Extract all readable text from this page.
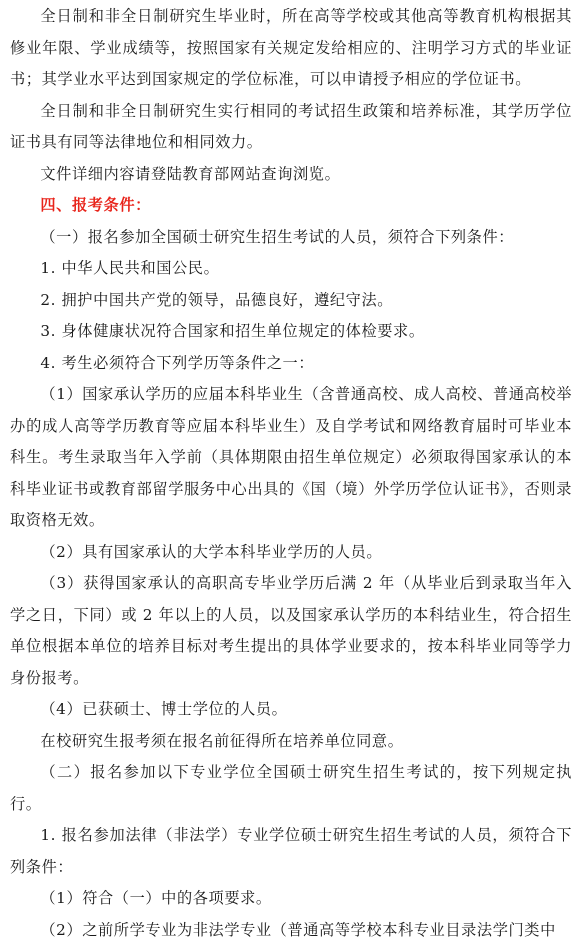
全日制和非全日制研究生毕业时，所在高等学校或其他高等教育机构根据其修业年限、学业成绩等，按照国家有关规定发给相应的、注明学习方式的毕业证书；其学业水平达到国家规定的学位标准，可以申请授予相应的学位证书。

全日制和非全日制研究生实行相同的考试招生政策和培养标准，其学历学位证书具有同等法律地位和相同效力。

文件详细内容请登陆教育部网站查询浏览。

四、报考条件：

（一）报名参加全国硕士研究生招生考试的人员，须符合下列条件：

1. 中华人民共和国公民。

2. 拥护中国共产党的领导，品德良好，遵纪守法。

3. 身体健康状况符合国家和招生单位规定的体检要求。

4. 考生必须符合下列学历等条件之一：

（1）国家承认学历的应届本科毕业生（含普通高校、成人高校、普通高校举办的成人高等学历教育等应届本科毕业生）及自学考试和网络教育届时可毕业本科生。考生录取当年入学前（具体期限由招生单位规定）必须取得国家承认的本科毕业证书或教育部留学服务中心出具的《国（境）外学历学位认证书》，否则录取资格无效。

（2）具有国家承认的大学本科毕业学历的人员。

（3）获得国家承认的高职高专毕业学历后满 2 年（从毕业后到录取当年入学之日，下同）或 2 年以上的人员，以及国家承认学历的本科结业生，符合招生单位根据本单位的培养目标对考生提出的具体学业要求的，按本科毕业同等学力身份报考。

（4）已获硕士、博士学位的人员。

在校研究生报考须在报名前征得所在培养单位同意。

（二）报名参加以下专业学位全国硕士研究生招生考试的，按下列规定执行。

1. 报名参加法律（非法学）专业学位硕士研究生招生考试的人员，须符合下列条件：

（1）符合（一）中的各项要求。

（2）之前所学专业为非法学专业（普通高等学校本科专业目录法学门类中
